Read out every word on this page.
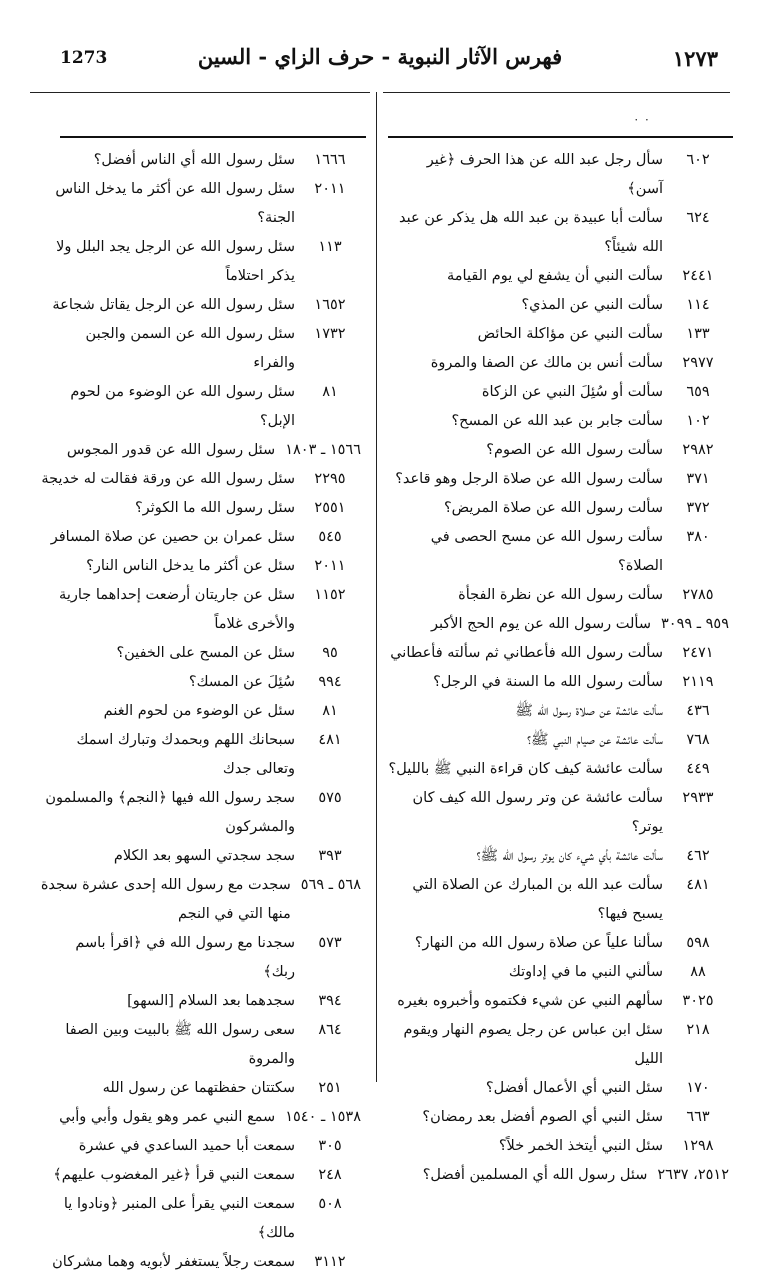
1273	فهرس الآثار النبوية - حرف الزاي - السين	١٢٧٣
˙ ˙
٦٠٢
سأل رجل عبد الله عن هذا الحرف ﴿غير آسن﴾
٦٢٤
سألت أبا عبيدة بن عبد الله هل يذكر عن عبد الله شيئاً؟
٢٤٤١
سألت النبي أن يشفع لي يوم القيامة
١١٤
سألت النبي عن المذي؟
١٣٣
سألت النبي عن مؤاكلة الحائض
٢٩٧٧
سألت أنس بن مالك عن الصفا والمروة
٦٥٩
سألت أو سُئِلَ النبي عن الزكاة
١٠٢
سألت جابر بن عبد الله عن المسح؟
٢٩٨٢
سألت رسول الله عن الصوم؟
٣٧١
سألت رسول الله عن صلاة الرجل وهو قاعد؟
٣٧٢
سألت رسول الله عن صلاة المريض؟
٣٨٠
سألت رسول الله عن مسح الحصى في الصلاة؟
٢٧٨٥
سألت رسول الله عن نظرة الفجأة
٩٥٩ ـ ٣٠٩٩
سألت رسول الله عن يوم الحج الأكبر
٢٤٧١
سألت رسول الله فأعطاني ثم سألته فأعطاني
٢١١٩
سألت رسول الله ما السنة في الرجل؟
٤٣٦
سألت عائشة عن صلاة رسول الله ﷺ
٧٦٨
سألت عائشة عن صيام النبي ﷺ؟
٤٤٩
سألت عائشة كيف كان قراءة النبي ﷺ بالليل؟
٢٩٣٣
سألت عائشة عن وتر رسول الله كيف كان يوتر؟
٤٦٢
سألت عائشة بأي شيء كان يوتر رسول الله ﷺ؟
٤٨١
سألت عبد الله بن المبارك عن الصلاة التي يسبح فيها؟
٥٩٨
سألنا علياً عن صلاة رسول الله من النهار؟
٨٨
سألني النبي ما في إداوتك
٣٠٢٥
سألهم النبي عن شيء فكتموه وأخبروه بغيره
٢١٨
سئل ابن عباس عن رجل يصوم النهار ويقوم الليل
١٧٠
سئل النبي أي الأعمال أفضل؟
٦٦٣
سئل النبي أي الصوم أفضل بعد رمضان؟
١٢٩٨
سئل النبي أيتخذ الخمر خلاً؟
٢٥١٢، ٢٦٣٧
سئل رسول الله أي المسلمين أفضل؟
١٦٦٦
سئل رسول الله أي الناس أفضل؟
٢٠١١
سئل رسول الله عن أكثر ما يدخل الناس الجنة؟
١١٣
سئل رسول الله عن الرجل يجد البلل ولا يذكر احتلاماً
١٦٥٢
سئل رسول الله عن الرجل يقاتل شجاعة
١٧٣٢
سئل رسول الله عن السمن والجبن والفراء
٨١
سئل رسول الله عن الوضوء من لحوم الإبل؟
١٥٦٦ ـ ١٨٠٣
سئل رسول الله عن قدور المجوس
٢٢٩٥
سئل رسول الله عن ورقة فقالت له خديجة
٢٥٥١
سئل رسول الله ما الكوثر؟
٥٤٥
سئل عمران بن حصين عن صلاة المسافر
٢٠١١
سئل عن أكثر ما يدخل الناس النار؟
١١٥٢
سئل عن جاريتان أرضعت إحداهما جارية والأخرى غلاماً
٩٥
سئل عن المسح على الخفين؟
٩٩٤
سُئِلَ عن المسك؟
٨١
سئل عن الوضوء من لحوم الغنم
٤٨١
سبحانك اللهم وبحمدك وتبارك اسمك وتعالى جدك
٥٧٥
سجد رسول الله فيها ﴿النجم﴾ والمسلمون والمشركون
٣٩٣
سجد سجدتي السهو بعد الكلام
٥٦٨ ـ ٥٦٩
سجدت مع رسول الله إحدى عشرة سجدة منها التي في النجم
٥٧٣
سجدنا مع رسول الله في ﴿اقرأ باسم ربك﴾
٣٩٤
سجدهما بعد السلام [السهو]
٨٦٤
سعى رسول الله ﷺ بالبيت وبين الصفا والمروة
٢٥١
سكتتان حفظتهما عن رسول الله
١٥٣٨ ـ ١٥٤٠
سمع النبي عمر وهو يقول وأبي وأبي
٣٠٥
سمعت أبا حميد الساعدي في عشرة
٢٤٨
سمعت النبي قرأ ﴿غير المغضوب عليهم﴾
٥٠٨
سمعت النبي يقرأ على المنبر ﴿ونادوا يا مالك﴾
٣١١٢
سمعت رجلاً يستغفر لأبويه وهما مشركان
